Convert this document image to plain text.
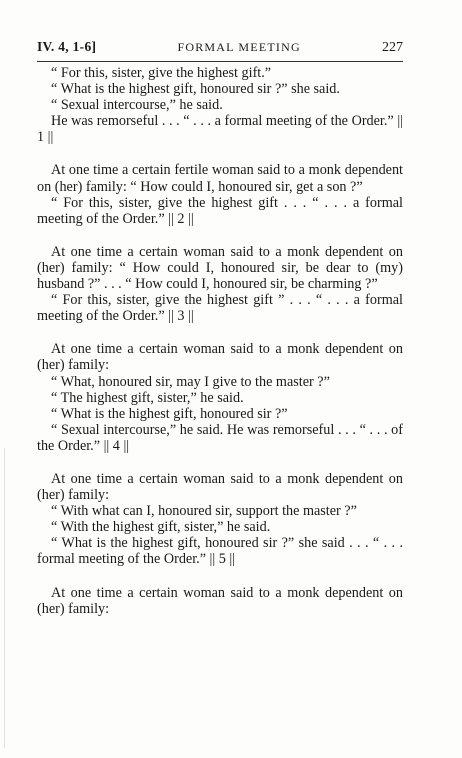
IV. 4, 1-6]	FORMAL MEETING	227

“ For this, sister, give the highest gift.”

“ What is the highest gift, honoured sir ?” she said.

“ Sexual intercourse,” he said.

He was remorseful . . . “ . . . a formal meeting of the Order.” || 1 ||

At one time a certain fertile woman said to a monk dependent on (her) family: “ How could I, honoured sir, get a son ?”

“ For this, sister, give the highest gift . . . “ . . . a formal meeting of the Order.” || 2 ||

At one time a certain woman said to a monk dependent on (her) family: “ How could I, honoured sir, be dear to (my) husband ?” . . . “ How could I, honoured sir, be charming ?”

“ For this, sister, give the highest gift ” . . . “ . . . a formal meeting of the Order.” || 3 ||

At one time a certain woman said to a monk dependent on (her) family:

“ What, honoured sir, may I give to the master ?”

“ The highest gift, sister,” he said.

“ What is the highest gift, honoured sir ?”

“ Sexual intercourse,” he said. He was remorseful . . . “ . . . of the Order.” || 4 ||

At one time a certain woman said to a monk dependent on (her) family:

“ With what can I, honoured sir, support the master ?”

“ With the highest gift, sister,” he said.

“ What is the highest gift, honoured sir ?” she said . . . “ . . . formal meeting of the Order.” || 5 ||

At one time a certain woman said to a monk dependent on (her) family:
